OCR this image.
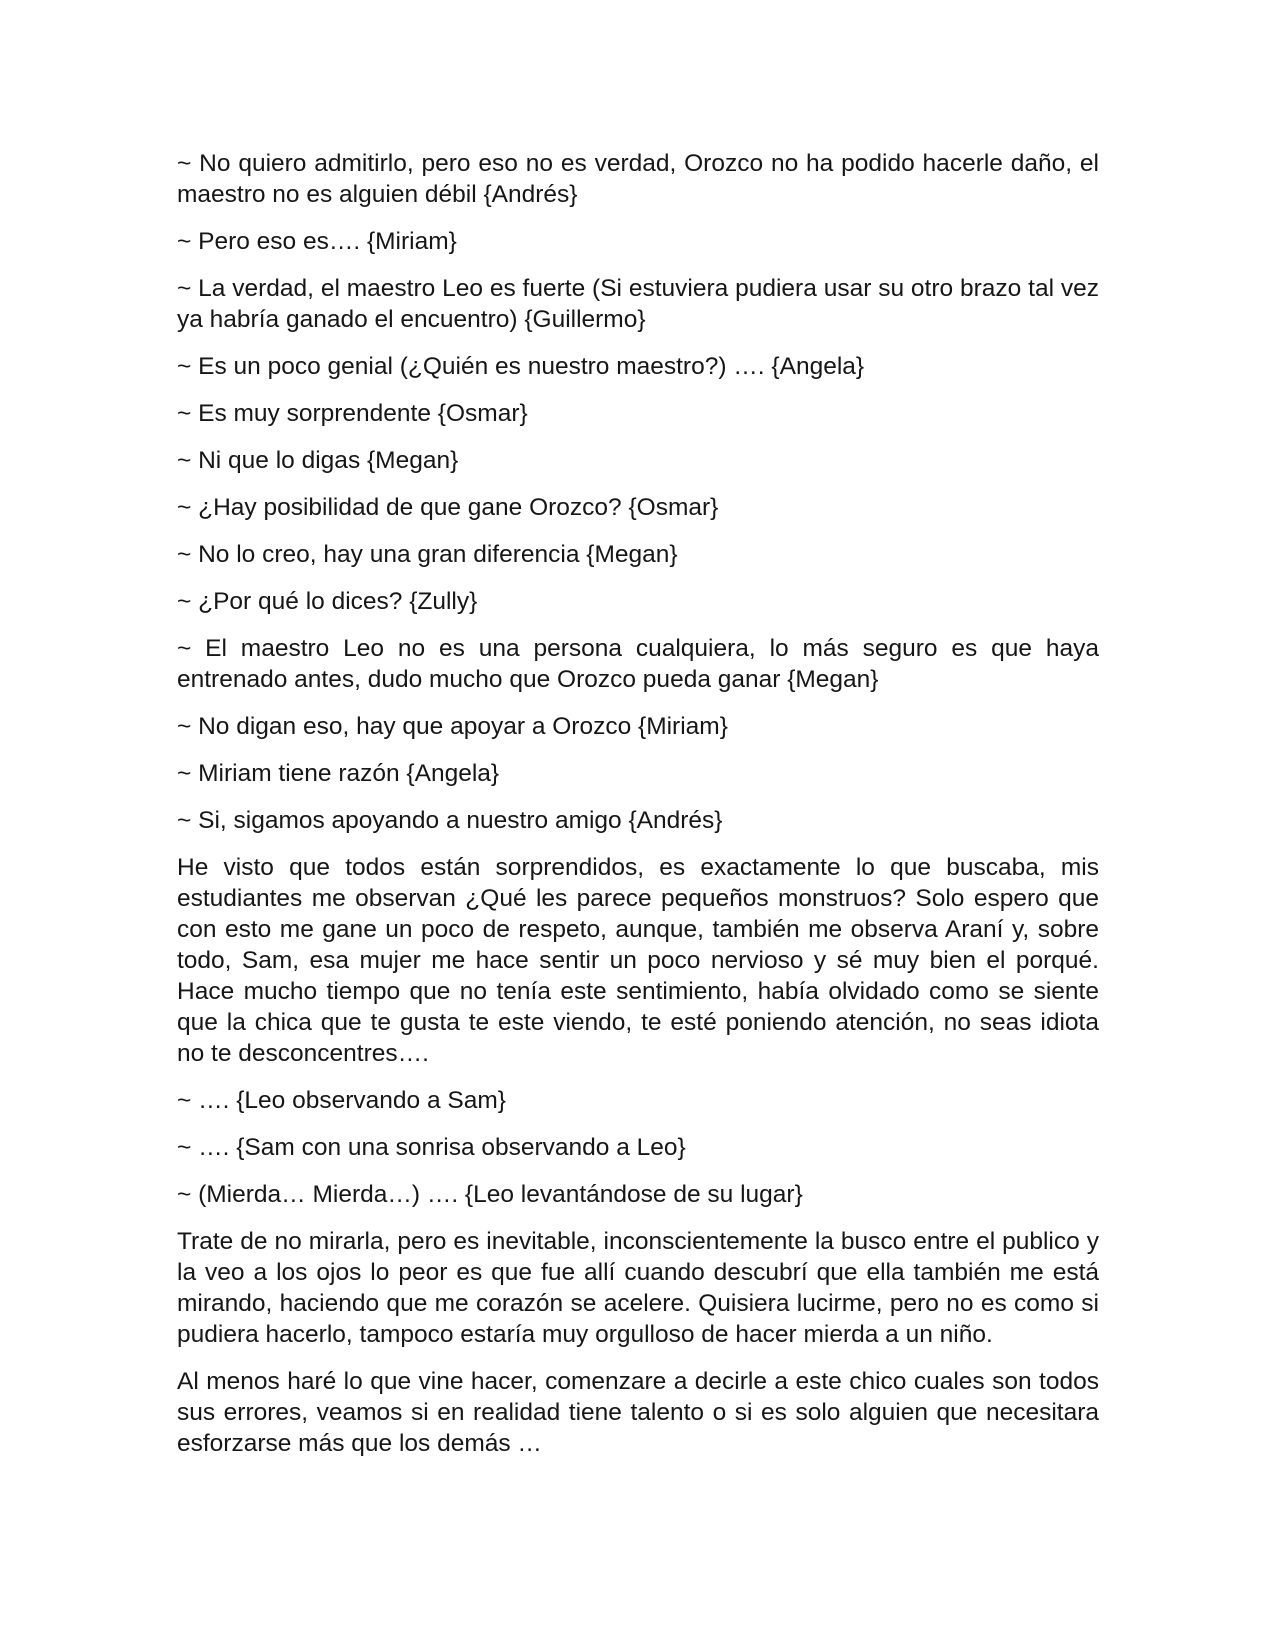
~ No quiero admitirlo, pero eso no es verdad, Orozco no ha podido hacerle daño, el maestro no es alguien débil {Andrés}

~ Pero eso es…. {Miriam}

~ La verdad, el maestro Leo es fuerte (Si estuviera pudiera usar su otro brazo tal vez ya habría ganado el encuentro) {Guillermo}

~ Es un poco genial (¿Quién es nuestro maestro?) …. {Angela}

~ Es muy sorprendente {Osmar}

~ Ni que lo digas {Megan}

~ ¿Hay posibilidad de que gane Orozco? {Osmar}

~ No lo creo, hay una gran diferencia {Megan}

~ ¿Por qué lo dices? {Zully}

~ El maestro Leo no es una persona cualquiera, lo más seguro es que haya entrenado antes, dudo mucho que Orozco pueda ganar {Megan}

~ No digan eso, hay que apoyar a Orozco {Miriam}

~ Miriam tiene razón {Angela}

~ Si, sigamos apoyando a nuestro amigo {Andrés}

He visto que todos están sorprendidos, es exactamente lo que buscaba, mis estudiantes me observan ¿Qué les parece pequeños monstruos? Solo espero que con esto me gane un poco de respeto, aunque, también me observa Araní y, sobre todo, Sam, esa mujer me hace sentir un poco nervioso y sé muy bien el porqué. Hace mucho tiempo que no tenía este sentimiento, había olvidado como se siente que la chica que te gusta te este viendo, te esté poniendo atención, no seas idiota no te desconcentres….

~ …. {Leo observando a Sam}

~ …. {Sam con una sonrisa observando a Leo}

~ (Mierda… Mierda…) …. {Leo levantándose de su lugar}

Trate de no mirarla, pero es inevitable, inconscientemente la busco entre el publico y la veo a los ojos lo peor es que fue allí cuando descubrí que ella también me está mirando, haciendo que me corazón se acelere. Quisiera lucirme, pero no es como si pudiera hacerlo, tampoco estaría muy orgulloso de hacer mierda a un niño.

Al menos haré lo que vine hacer, comenzare a decirle a este chico cuales son todos sus errores, veamos si en realidad tiene talento o si es solo alguien que necesitara esforzarse más que los demás …
